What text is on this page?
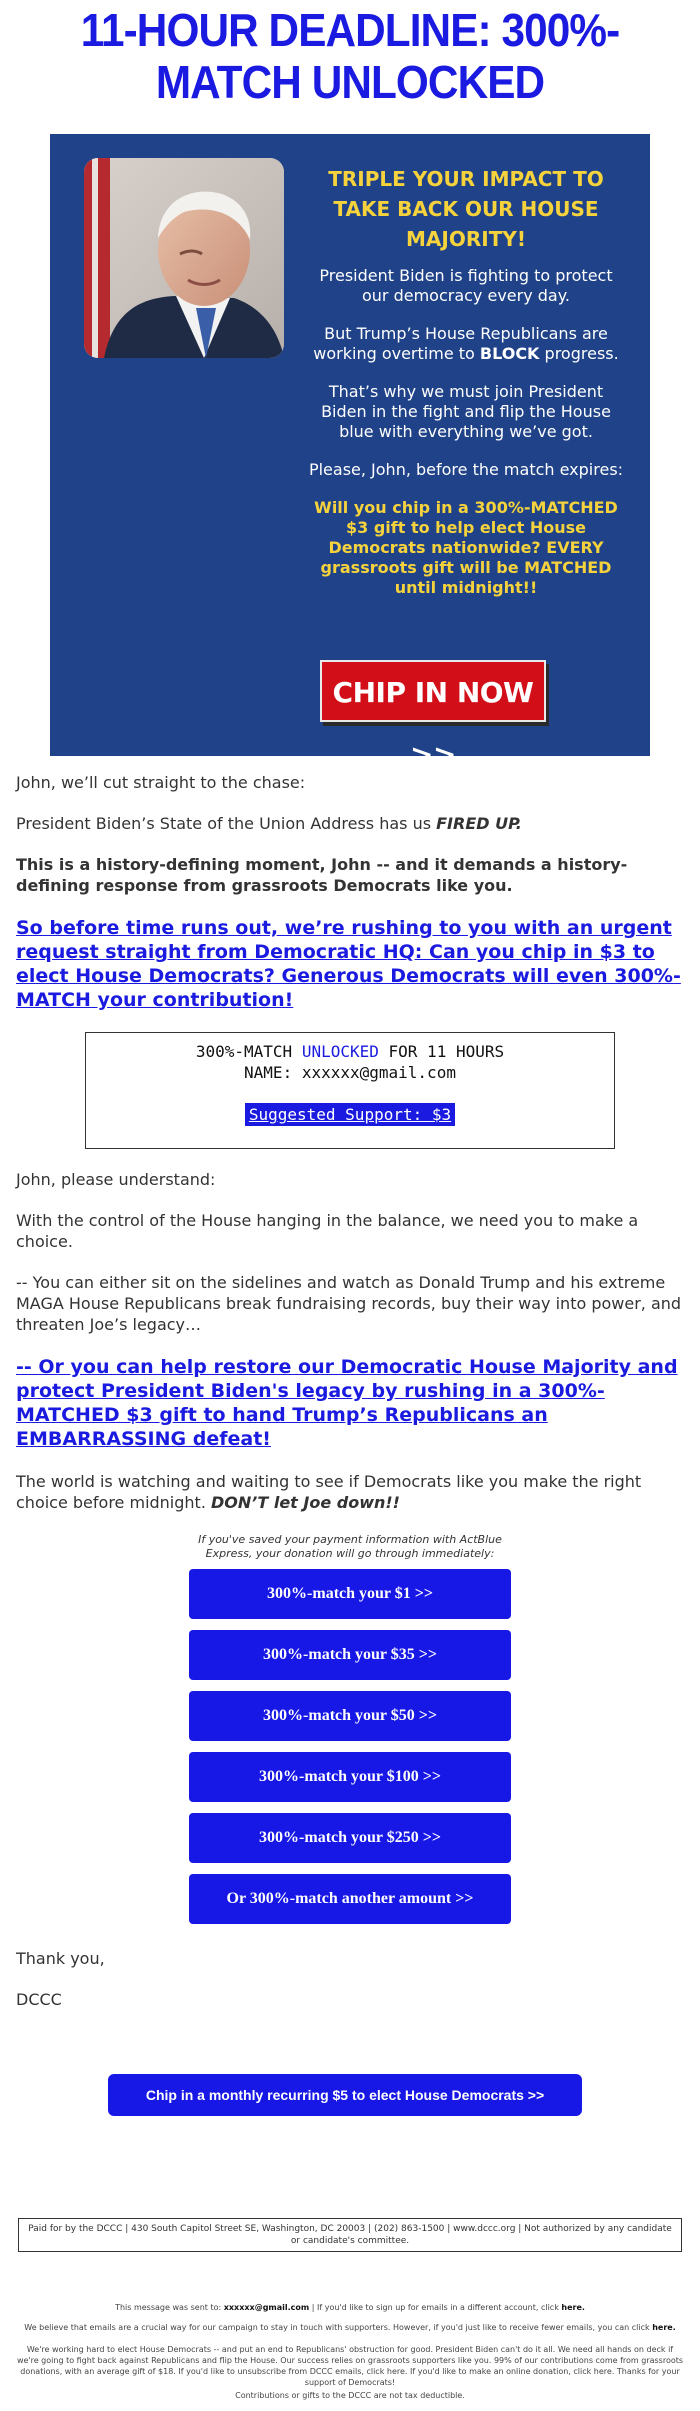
11-HOUR DEADLINE: 300%-MATCH UNLOCKED
TRIPLE YOUR IMPACT TO TAKE BACK OUR HOUSE MAJORITY!

President Biden is fighting to protect our democracy every day.

But Trump’s House Republicans are working overtime to BLOCK progress.

That’s why we must join President Biden in the fight and flip the House blue with everything we’ve got.

Please, John, before the match expires:

Will you chip in a 300%-MATCHED $3 gift to help elect House Democrats nationwide? EVERY grassroots gift will be MATCHED until midnight!!
CHIP IN NOW >>

John, we’ll cut straight to the chase:

President Biden’s State of the Union Address has us FIRED UP.

This is a history-defining moment, John -- and it demands a history-defining response from grassroots Democrats like you.

So before time runs out, we’re rushing to you with an urgent request straight from Democratic HQ: Can you chip in $3 to elect House Democrats? Generous Democrats will even 300%-MATCH your contribution!

300%-MATCH UNLOCKED FOR 11 HOURS
NAME: xxxxxx@gmail.com
Suggested Support: $3

John, please understand:

With the control of the House hanging in the balance, we need you to make a choice.

-- You can either sit on the sidelines and watch as Donald Trump and his extreme MAGA House Republicans break fundraising records, buy their way into power, and threaten Joe’s legacy…

-- Or you can help restore our Democratic House Majority and protect President Biden's legacy by rushing in a 300%-MATCHED $3 gift to hand Trump’s Republicans an EMBARRASSING defeat!

The world is watching and waiting to see if Democrats like you make the right choice before midnight. DON’T let Joe down!!

If you've saved your payment information with ActBlue Express, your donation will go through immediately:
300%-match your $1 >>
300%-match your $35 >>
300%-match your $50 >>
300%-match your $100 >>
300%-match your $250 >>
Or 300%-match another amount >>

Thank you,

DCCC

Chip in a monthly recurring $5 to elect House Democrats >>
Paid for by the DCCC | 430 South Capitol Street SE, Washington, DC 20003 | (202) 863-1500 | www.dccc.org | Not authorized by any candidate or candidate's committee.
This message was sent to: xxxxxx@gmail.com | If you'd like to sign up for emails in a different account, click here.
We believe that emails are a crucial way for our campaign to stay in touch with supporters. However, if you'd just like to receive fewer emails, you can click here.
We're working hard to elect House Democrats -- and put an end to Republicans' obstruction for good. President Biden can't do it all. We need all hands on deck if we're going to fight back against Republicans and flip the House. Our success relies on grassroots supporters like you. 99% of our contributions come from grassroots donations, with an average gift of $18. If you'd like to unsubscribe from DCCC emails, click here. If you'd like to make an online donation, click here. Thanks for your support of Democrats!
Contributions or gifts to the DCCC are not tax deductible.
